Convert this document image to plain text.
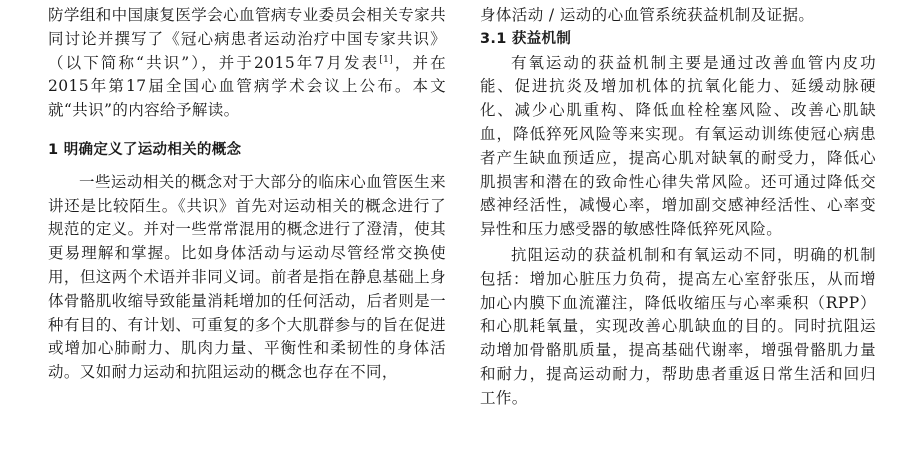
防学组和中国康复医学会心血管病专业委员会相关专家共同讨论并撰写了《冠心病患者运动治疗中国专家共识》（以下简称“共识”），并于2015年7月发表[1]，并在2015年第17届全国心血管病学术会议上公布。本文就“共识”的内容给予解读。

1 明确定义了运动相关的概念

一些运动相关的概念对于大部分的临床心血管医生来讲还是比较陌生。《共识》首先对运动相关的概念进行了规范的定义。并对一些常常混用的概念进行了澄清，使其更易理解和掌握。比如身体活动与运动尽管经常交换使用，但这两个术语并非同义词。前者是指在静息基础上身体骨骼肌收缩导致能量消耗增加的任何活动，后者则是一种有目的、有计划、可重复的多个大肌群参与的旨在促进或增加心肺耐力、肌肉力量、平衡性和柔韧性的身体活动。又如耐力运动和抗阻运动的概念也存在不同，

身体活动 / 运动的心血管系统获益机制及证据。

3.1 获益机制

有氧运动的获益机制主要是通过改善血管内皮功能、促进抗炎及增加机体的抗氧化能力、延缓动脉硬化、减少心肌重构、降低血栓栓塞风险、改善心肌缺血，降低猝死风险等来实现。有氧运动训练使冠心病患者产生缺血预适应，提高心肌对缺氧的耐受力，降低心肌损害和潜在的致命性心律失常风险。还可通过降低交感神经活性，减慢心率，增加副交感神经活性、心率变异性和压力感受器的敏感性降低猝死风险。

抗阻运动的获益机制和有氧运动不同，明确的机制包括：增加心脏压力负荷，提高左心室舒张压，从而增加心内膜下血流灌注，降低收缩压与心率乘积（RPP）和心肌耗氧量，实现改善心肌缺血的目的。同时抗阻运动增加骨骼肌质量，提高基础代谢率，增强骨骼肌力量和耐力，提高运动耐力，帮助患者重返日常生活和回归工作。
